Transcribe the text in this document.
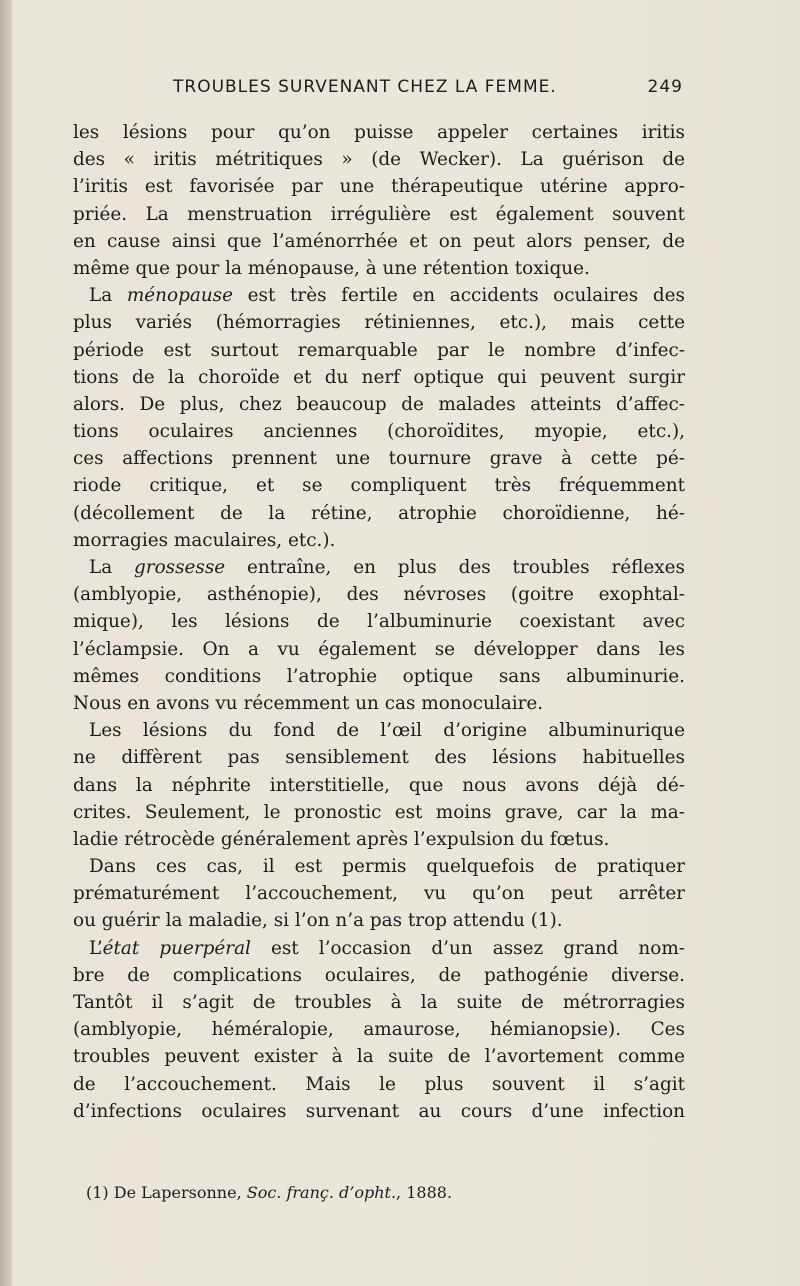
TROUBLES SURVENANT CHEZ LA FEMME.	249
les lésions pour qu’on puisse appeler certaines iritis
des « iritis métritiques » (de Wecker). La guérison de
l’iritis est favorisée par une thérapeutique utérine appro-
priée. La menstruation irrégulière est également souvent
en cause ainsi que l’aménorrhée et on peut alors penser, de
même que pour la ménopause, à une rétention toxique.
La ménopause est très fertile en accidents oculaires des
plus variés (hémorragies rétiniennes, etc.), mais cette
période est surtout remarquable par le nombre d’infec-
tions de la choroïde et du nerf optique qui peuvent surgir
alors. De plus, chez beaucoup de malades atteints d’affec-
tions oculaires anciennes (choroïdites, myopie, etc.),
ces affections prennent une tournure grave à cette pé-
riode critique, et se compliquent très fréquemment
(décollement de la rétine, atrophie choroïdienne, hé-
morragies maculaires, etc.).
La grossesse entraîne, en plus des troubles réflexes
(amblyopie, asthénopie), des névroses (goitre exophtal-
mique), les lésions de l’albuminurie coexistant avec
l’éclampsie. On a vu également se développer dans les
mêmes conditions l’atrophie optique sans albuminurie.
Nous en avons vu récemment un cas monoculaire.
Les lésions du fond de l’œil d’origine albuminurique
ne diffèrent pas sensiblement des lésions habituelles
dans la néphrite interstitielle, que nous avons déjà dé-
crites. Seulement, le pronostic est moins grave, car la ma-
ladie rétrocède généralement après l’expulsion du fœtus.
Dans ces cas, il est permis quelquefois de pratiquer
prématurément l’accouchement, vu qu’on peut arrêter
ou guérir la maladie, si l’on n’a pas trop attendu (1).
L’état puerpéral est l’occasion d’un assez grand nom-
bre de complications oculaires, de pathogénie diverse.
Tantôt il s’agit de troubles à la suite de métrorragies
(amblyopie, héméralopie, amaurose, hémianopsie). Ces
troubles peuvent exister à la suite de l’avortement comme
de l’accouchement. Mais le plus souvent il s’agit
d’infections oculaires survenant au cours d’une infection
(1) De Lapersonne, Soc. franç. d’opht., 1888.
